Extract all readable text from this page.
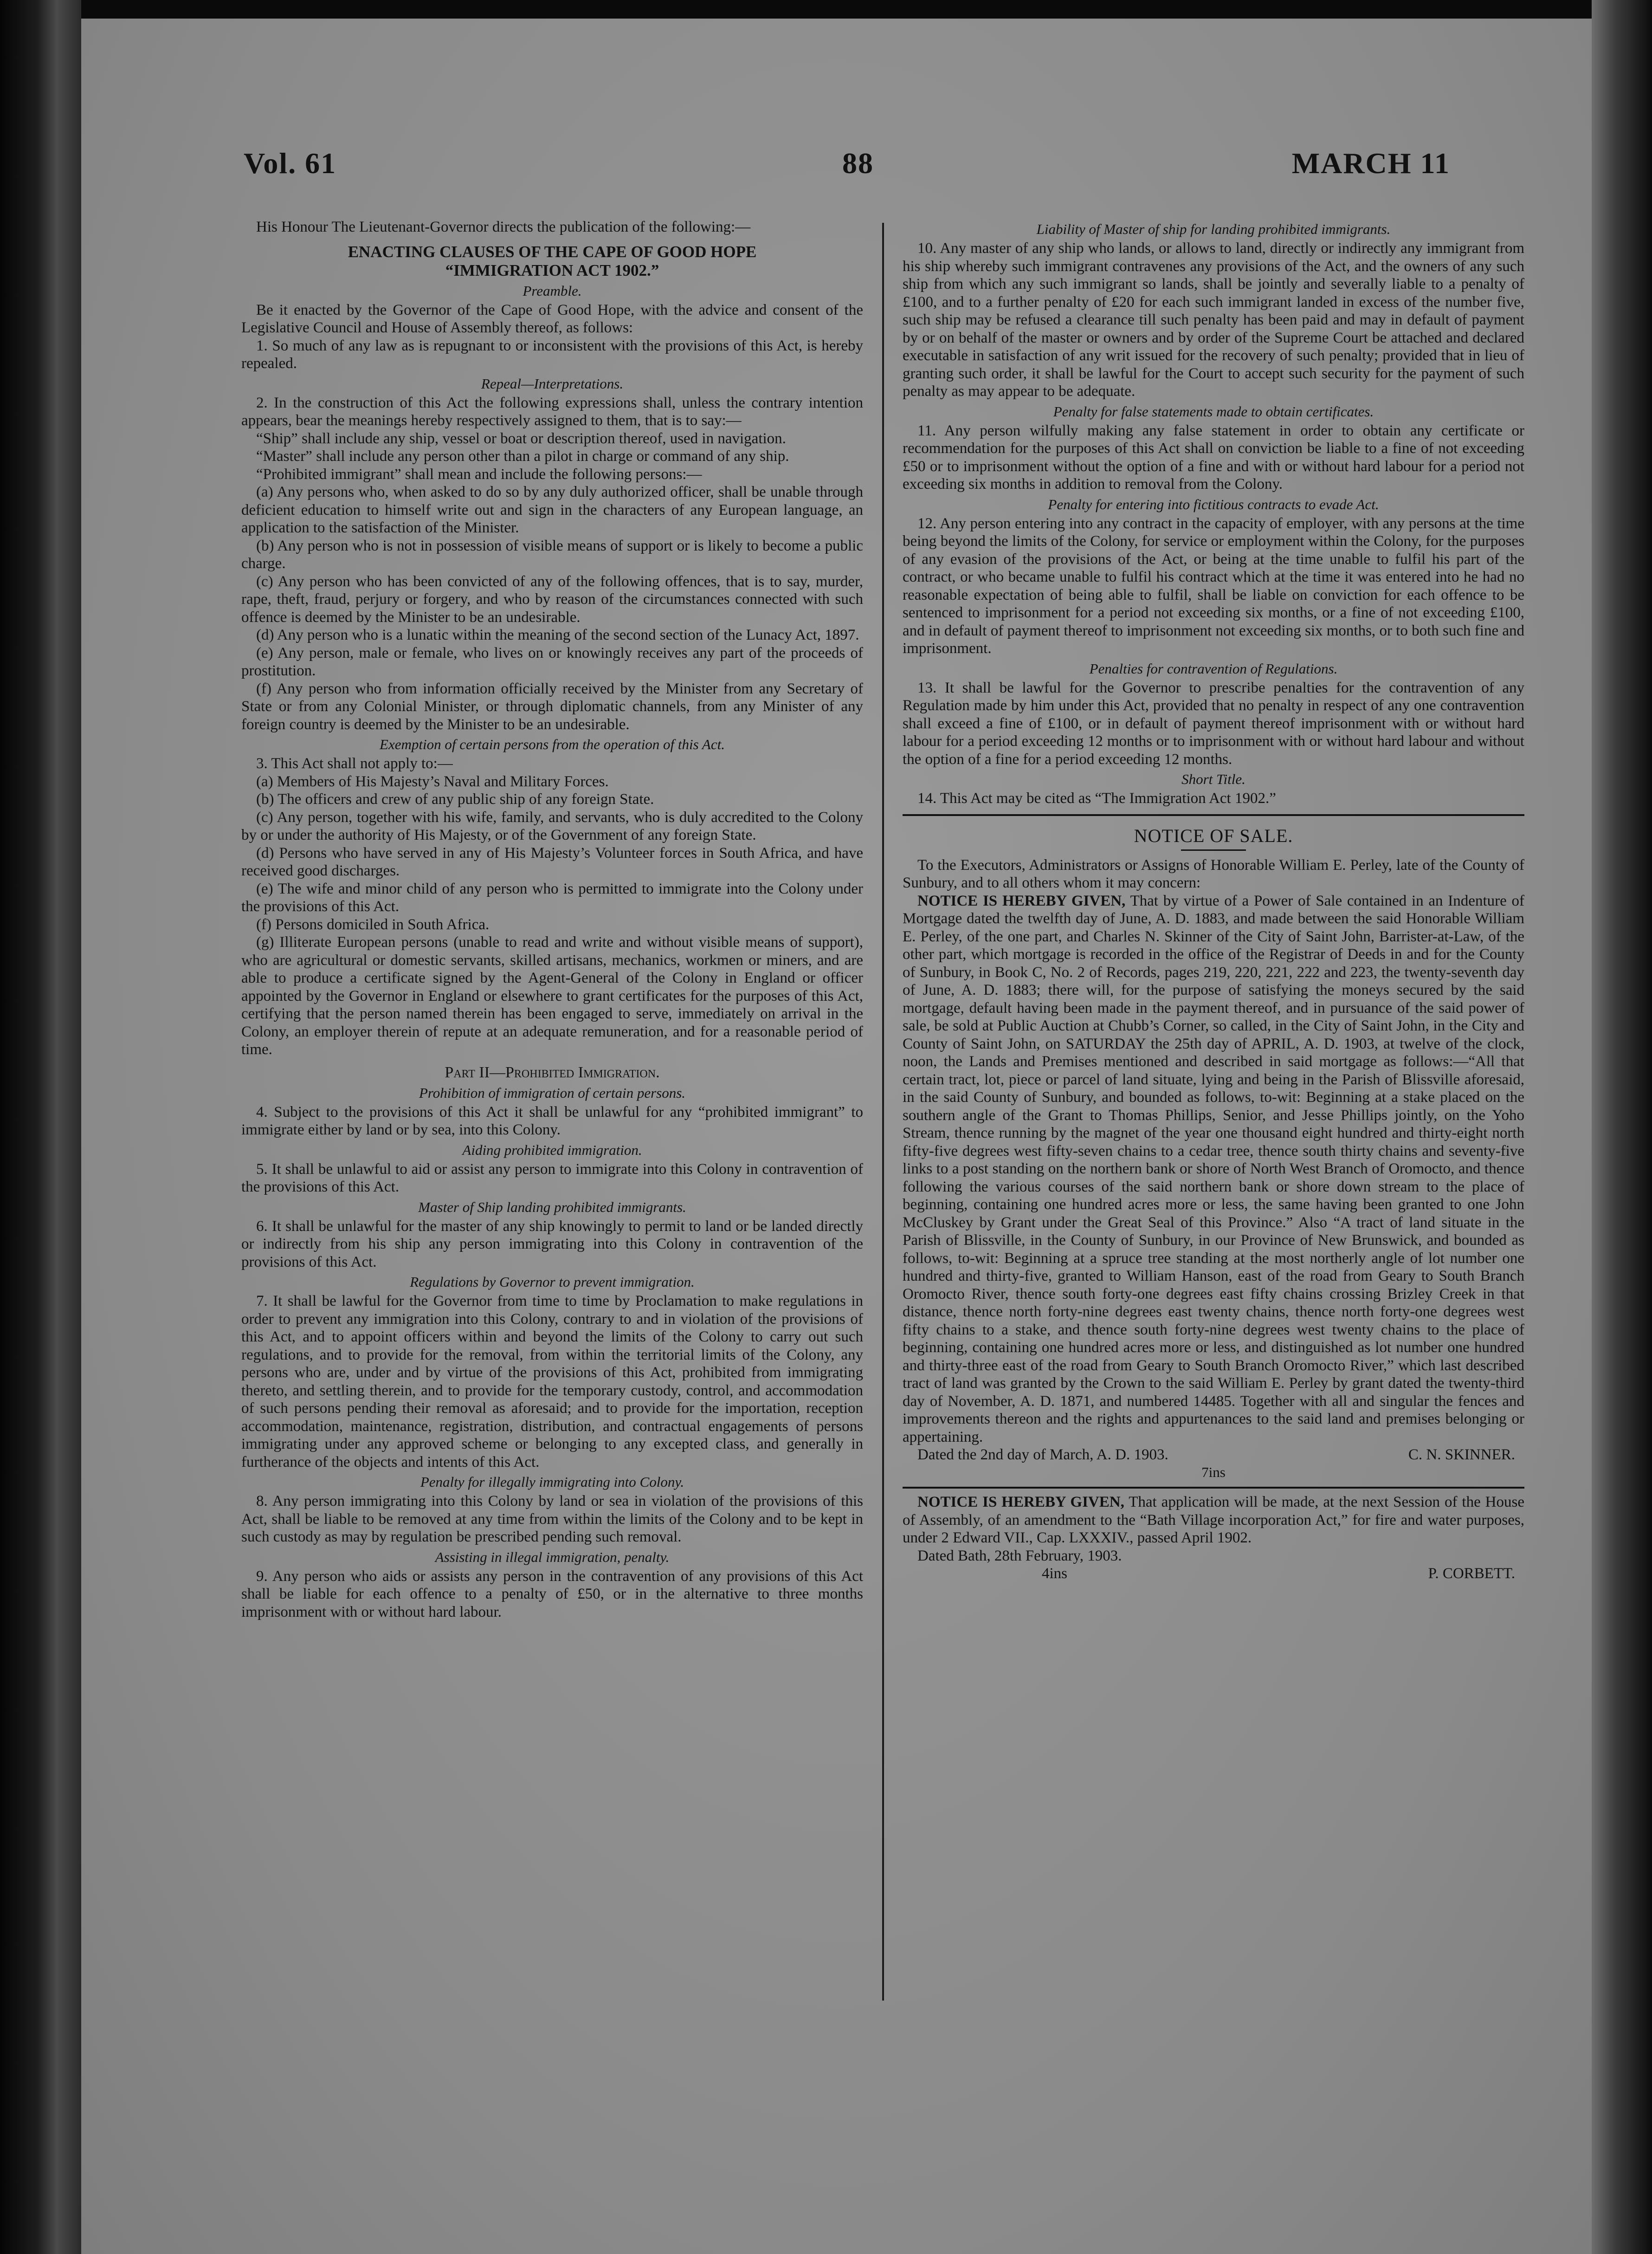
Vol. 61	88	MARCH 11

His Honour The Lieutenant-Governor directs the publication of the following:—

ENACTING CLAUSES OF THE CAPE OF GOOD HOPE
“IMMIGRATION ACT 1902.”
Preamble.

Be it enacted by the Governor of the Cape of Good Hope, with the advice and consent of the Legislative Council and House of Assembly thereof, as follows:

1. So much of any law as is repugnant to or inconsistent with the provisions of this Act, is hereby repealed.

Repeal—Interpretations.

2. In the construction of this Act the following expressions shall, unless the contrary intention appears, bear the meanings hereby respectively assigned to them, that is to say:—

“Ship” shall include any ship, vessel or boat or description thereof, used in navigation.

“Master” shall include any person other than a pilot in charge or command of any ship.

“Prohibited immigrant” shall mean and include the following persons:—

(a) Any persons who, when asked to do so by any duly authorized officer, shall be unable through deficient education to himself write out and sign in the characters of any European language, an application to the satisfaction of the Minister.

(b) Any person who is not in possession of visible means of support or is likely to become a public charge.

(c) Any person who has been convicted of any of the following offences, that is to say, murder, rape, theft, fraud, perjury or forgery, and who by reason of the circumstances connected with such offence is deemed by the Minister to be an undesirable.

(d) Any person who is a lunatic within the meaning of the second section of the Lunacy Act, 1897.

(e) Any person, male or female, who lives on or knowingly receives any part of the proceeds of prostitution.

(f) Any person who from information officially received by the Minister from any Secretary of State or from any Colonial Minister, or through diplomatic channels, from any Minister of any foreign country is deemed by the Minister to be an undesirable.

Exemption of certain persons from the operation of this Act.

3. This Act shall not apply to:—

(a) Members of His Majesty’s Naval and Military Forces.

(b) The officers and crew of any public ship of any foreign State.

(c) Any person, together with his wife, family, and servants, who is duly accredited to the Colony by or under the authority of His Majesty, or of the Government of any foreign State.

(d) Persons who have served in any of His Majesty’s Volunteer forces in South Africa, and have received good discharges.

(e) The wife and minor child of any person who is permitted to immigrate into the Colony under the provisions of this Act.

(f) Persons domiciled in South Africa.

(g) Illiterate European persons (unable to read and write and without visible means of support), who are agricultural or domestic servants, skilled artisans, mechanics, workmen or miners, and are able to produce a certificate signed by the Agent-General of the Colony in England or officer appointed by the Governor in England or elsewhere to grant certificates for the purposes of this Act, certifying that the person named therein has been engaged to serve, immediately on arrival in the Colony, an employer therein of repute at an adequate remuneration, and for a reasonable period of time.

Part II—Prohibited Immigration.
Prohibition of immigration of certain persons.

4. Subject to the provisions of this Act it shall be unlawful for any “prohibited immigrant” to immigrate either by land or by sea, into this Colony.

Aiding prohibited immigration.

5. It shall be unlawful to aid or assist any person to immigrate into this Colony in contravention of the provisions of this Act.

Master of Ship landing prohibited immigrants.

6. It shall be unlawful for the master of any ship knowingly to permit to land or be landed directly or indirectly from his ship any person immigrating into this Colony in contravention of the provisions of this Act.

Regulations by Governor to prevent immigration.

7. It shall be lawful for the Governor from time to time by Proclamation to make regulations in order to prevent any immigration into this Colony, contrary to and in violation of the provisions of this Act, and to appoint officers within and beyond the limits of the Colony to carry out such regulations, and to provide for the removal, from within the territorial limits of the Colony, any persons who are, under and by virtue of the provisions of this Act, prohibited from immigrating thereto, and settling therein, and to provide for the temporary custody, control, and accommodation of such persons pending their removal as aforesaid; and to provide for the importation, reception accommodation, maintenance, registration, distribution, and contractual engagements of persons immigrating under any approved scheme or belonging to any excepted class, and generally in furtherance of the objects and intents of this Act.

Penalty for illegally immigrating into Colony.

8. Any person immigrating into this Colony by land or sea in violation of the provisions of this Act, shall be liable to be removed at any time from within the limits of the Colony and to be kept in such custody as may by regulation be prescribed pending such removal.

Assisting in illegal immigration, penalty.

9. Any person who aids or assists any person in the contravention of any provisions of this Act shall be liable for each offence to a penalty of £50, or in the alternative to three months imprisonment with or without hard labour.

Liability of Master of ship for landing prohibited immigrants.

10. Any master of any ship who lands, or allows to land, directly or indirectly any immigrant from his ship whereby such immigrant contravenes any provisions of the Act, and the owners of any such ship from which any such immigrant so lands, shall be jointly and severally liable to a penalty of £100, and to a further penalty of £20 for each such immigrant landed in excess of the number five, such ship may be refused a clearance till such penalty has been paid and may in default of payment by or on behalf of the master or owners and by order of the Supreme Court be attached and declared executable in satisfaction of any writ issued for the recovery of such penalty; provided that in lieu of granting such order, it shall be lawful for the Court to accept such security for the payment of such penalty as may appear to be adequate.

Penalty for false statements made to obtain certificates.

11. Any person wilfully making any false statement in order to obtain any certificate or recommendation for the purposes of this Act shall on conviction be liable to a fine of not exceeding £50 or to imprisonment without the option of a fine and with or without hard labour for a period not exceeding six months in addition to removal from the Colony.

Penalty for entering into fictitious contracts to evade Act.

12. Any person entering into any contract in the capacity of employer, with any persons at the time being beyond the limits of the Colony, for service or employment within the Colony, for the purposes of any evasion of the provisions of the Act, or being at the time unable to fulfil his part of the contract, or who became unable to fulfil his contract which at the time it was entered into he had no reasonable expectation of being able to fulfil, shall be liable on conviction for each offence to be sentenced to imprisonment for a period not exceeding six months, or a fine of not exceeding £100, and in default of payment thereof to imprisonment not exceeding six months, or to both such fine and imprisonment.

Penalties for contravention of Regulations.

13. It shall be lawful for the Governor to prescribe penalties for the contravention of any Regulation made by him under this Act, provided that no penalty in respect of any one contravention shall exceed a fine of £100, or in default of payment thereof imprisonment with or without hard labour for a period exceeding 12 months or to imprisonment with or without hard labour and without the option of a fine for a period exceeding 12 months.

Short Title.

14. This Act may be cited as “The Immigration Act 1902.”

NOTICE OF SALE.

To the Executors, Administrators or Assigns of Honorable William E. Perley, late of the County of Sunbury, and to all others whom it may concern:

NOTICE IS HEREBY GIVEN, That by virtue of a Power of Sale contained in an Indenture of Mortgage dated the twelfth day of June, A. D. 1883, and made between the said Honorable William E. Perley, of the one part, and Charles N. Skinner of the City of Saint John, Barrister-at-Law, of the other part, which mortgage is recorded in the office of the Registrar of Deeds in and for the County of Sunbury, in Book C, No. 2 of Records, pages 219, 220, 221, 222 and 223, the twenty-seventh day of June, A. D. 1883; there will, for the purpose of satisfying the moneys secured by the said mortgage, default having been made in the payment thereof, and in pursuance of the said power of sale, be sold at Public Auction at Chubb’s Corner, so called, in the City of Saint John, in the City and County of Saint John, on SATURDAY the 25th day of APRIL, A. D. 1903, at twelve of the clock, noon, the Lands and Premises mentioned and described in said mortgage as follows:—“All that certain tract, lot, piece or parcel of land situate, lying and being in the Parish of Blissville aforesaid, in the said County of Sunbury, and bounded as follows, to-wit: Beginning at a stake placed on the southern angle of the Grant to Thomas Phillips, Senior, and Jesse Phillips jointly, on the Yoho Stream, thence running by the magnet of the year one thousand eight hundred and thirty-eight north fifty-five degrees west fifty-seven chains to a cedar tree, thence south thirty chains and seventy-five links to a post standing on the northern bank or shore of North West Branch of Oromocto, and thence following the various courses of the said northern bank or shore down stream to the place of beginning, containing one hundred acres more or less, the same having been granted to one John McCluskey by Grant under the Great Seal of this Province.” Also “A tract of land situate in the Parish of Blissville, in the County of Sunbury, in our Province of New Brunswick, and bounded as follows, to-wit: Beginning at a spruce tree standing at the most northerly angle of lot number one hundred and thirty-five, granted to William Hanson, east of the road from Geary to South Branch Oromocto River, thence south forty-one degrees east fifty chains crossing Brizley Creek in that distance, thence north forty-nine degrees east twenty chains, thence north forty-one degrees west fifty chains to a stake, and thence south forty-nine degrees west twenty chains to the place of beginning, containing one hundred acres more or less, and distinguished as lot number one hundred and thirty-three east of the road from Geary to South Branch Oromocto River,” which last described tract of land was granted by the Crown to the said William E. Perley by grant dated the twenty-third day of November, A. D. 1871, and numbered 14485. Together with all and singular the fences and improvements thereon and the rights and appurtenances to the said land and premises belonging or appertaining.

Dated the 2nd day of March, A. D. 1903.	C. N. SKINNER.
7ins

NOTICE IS HEREBY GIVEN, That application will be made, at the next Session of the House of Assembly, of an amendment to the “Bath Village incorporation Act,” for fire and water purposes, under 2 Edward VII., Cap. LXXXIV., passed April 1902.

Dated Bath, 28th February, 1903.

4ins	P. CORBETT.
